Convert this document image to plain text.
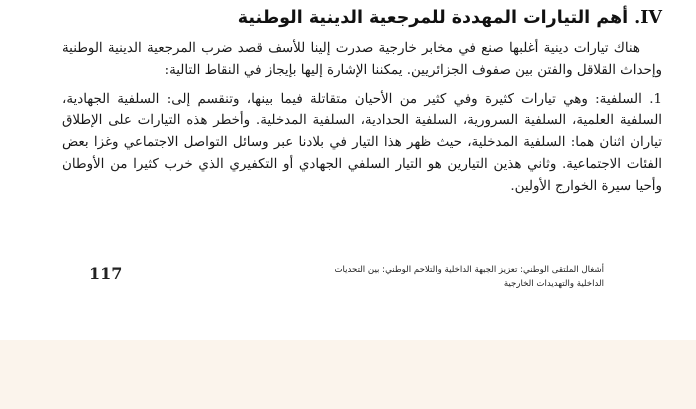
IV.أهم التيارات المهددة للمرجعية الدينية الوطنية

هناك تيارات دينية أغلبها صنع في مخابر خارجية صدرت إلينا للأسف قصد ضرب المرجعية الدينية الوطنية وإحداث القلاقل والفتن بين صفوف الجزائريين. يمكننا الإشارة إليها بإيجاز في النقاط التالية:

1. السلفية: وهي تيارات كثيرة وفي كثير من الأحيان متقاتلة فيما بينها، وتنقسم إلى: السلفية الجهادية، السلفية العلمية، السلفية السرورية، السلفية الحدادية، السلفية المدخلية. وأخطر هذه التيارات على الإطلاق تياران اثنان هما: السلفية المدخلية، حيث ظهر هذا التيار في بلادنا عبر وسائل التواصل الاجتماعي وغزا بعض الفئات الاجتماعية. وثاني هذين التيارين هو التيار السلفي الجهادي أو التكفيري الذي خرب كثيرا من الأوطان وأحيا سيرة الخوارج الأولين.

117	أشغال الملتقى الوطني: تعزيز الجبهة الداخلية والتلاحم الوطني: بين التحديات
الداخلية والتهديدات الخارجية
